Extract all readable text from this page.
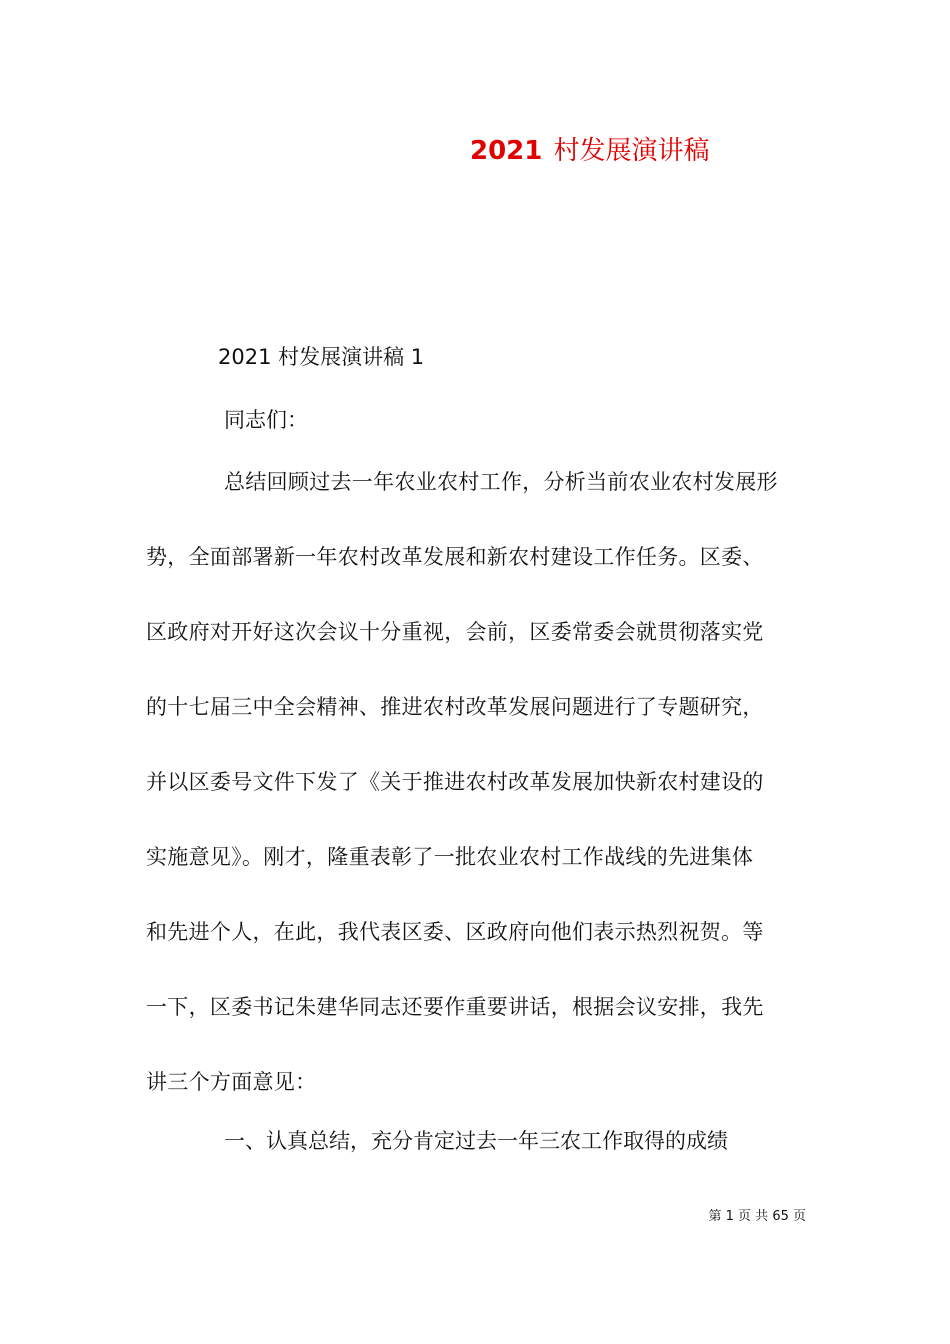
2021 村发展演讲稿
2021 村发展演讲稿 1
同志们：
总结回顾过去一年农业农村工作，分析当前农业农村发展形
势，全面部署新一年农村改革发展和新农村建设工作任务。区委、
区政府对开好这次会议十分重视，会前，区委常委会就贯彻落实党
的十七届三中全会精神、推进农村改革发展问题进行了专题研究，
并以区委号文件下发了《关于推进农村改革发展加快新农村建设的
实施意见》。刚才，隆重表彰了一批农业农村工作战线的先进集体
和先进个人，在此，我代表区委、区政府向他们表示热烈祝贺。等
一下，区委书记朱建华同志还要作重要讲话，根据会议安排，我先
讲三个方面意见：
一、认真总结，充分肯定过去一年三农工作取得的成绩
第 1 页 共 65 页
